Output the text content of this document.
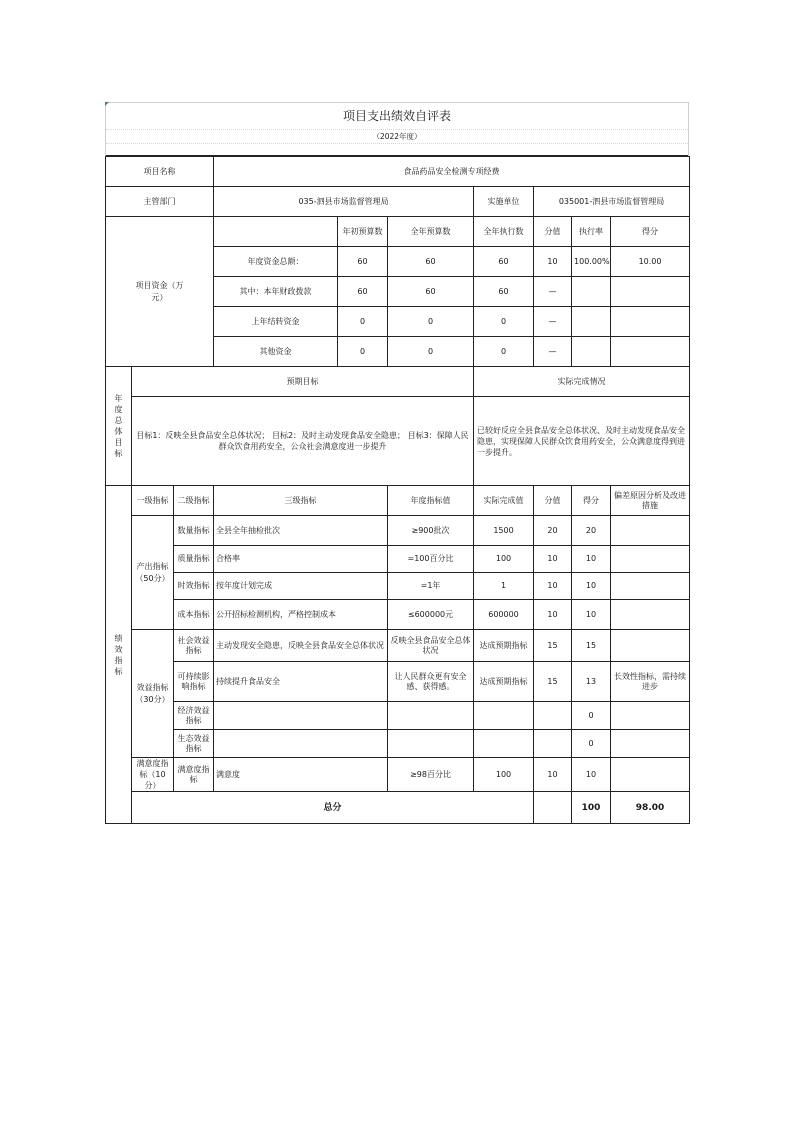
项目支出绩效自评表
（2022年度）
项目名称			食品药品安全检测专项经费							
主管部门			035-泗县市场监督管理局			实施单位	035001-泗县市场监督管理局			
项目资金（万元）				年初预算数	全年预算数	全年执行数	分值	执行率	得分	
			年度资金总额：	60	60	60	10	100.00%	10.00	
			其中：本年财政拨款	60	60	60	—			
			上年结转资金	0	0	0	—			
			其他资金	0	0	0	—			
年度总体目标	预期目标					实际完成情况				
	目标1：反映全县食品安全总体状况； 目标2：及时主动发现食品安全隐患； 目标3：保障人民群众饮食用药安全，公众社会满意度进一步提升					已较好反应全县食品安全总体状况、及时主动发现食品安全隐患，实现保障人民群众饮食用药安全，公众满意度得到进一步提升。				
绩效指标	一级指标	二级指标	三级指标		年度指标值	实际完成值	分值	得分	偏差原因分析及改进措施	
	产出指标（50分）	数量指标	全县全年抽检批次		≥900批次	1500	20	20		
		质量指标	合格率		=100百分比	100	10	10		
		时效指标	按年度计划完成		=1年	1	10	10		
		成本指标	公开招标检测机构，严格控制成本		≤600000元	600000	10	10		
	效益指标（30分）	社会效益指标	主动发现安全隐患，反映全县食品安全总体状况		反映全县食品安全总体状况	达成预期指标	15	15		
		可持续影响指标	持续提升食品安全		让人民群众更有安全感、获得感。	达成预期指标	15	13	长效性指标，需持续进步	
		经济效益指标						0		
		生态效益指标						0		
	满意度指标（10分）	满意度指标	满意度		≥98百分比	100	10	10		
	总分							100	98.00	
